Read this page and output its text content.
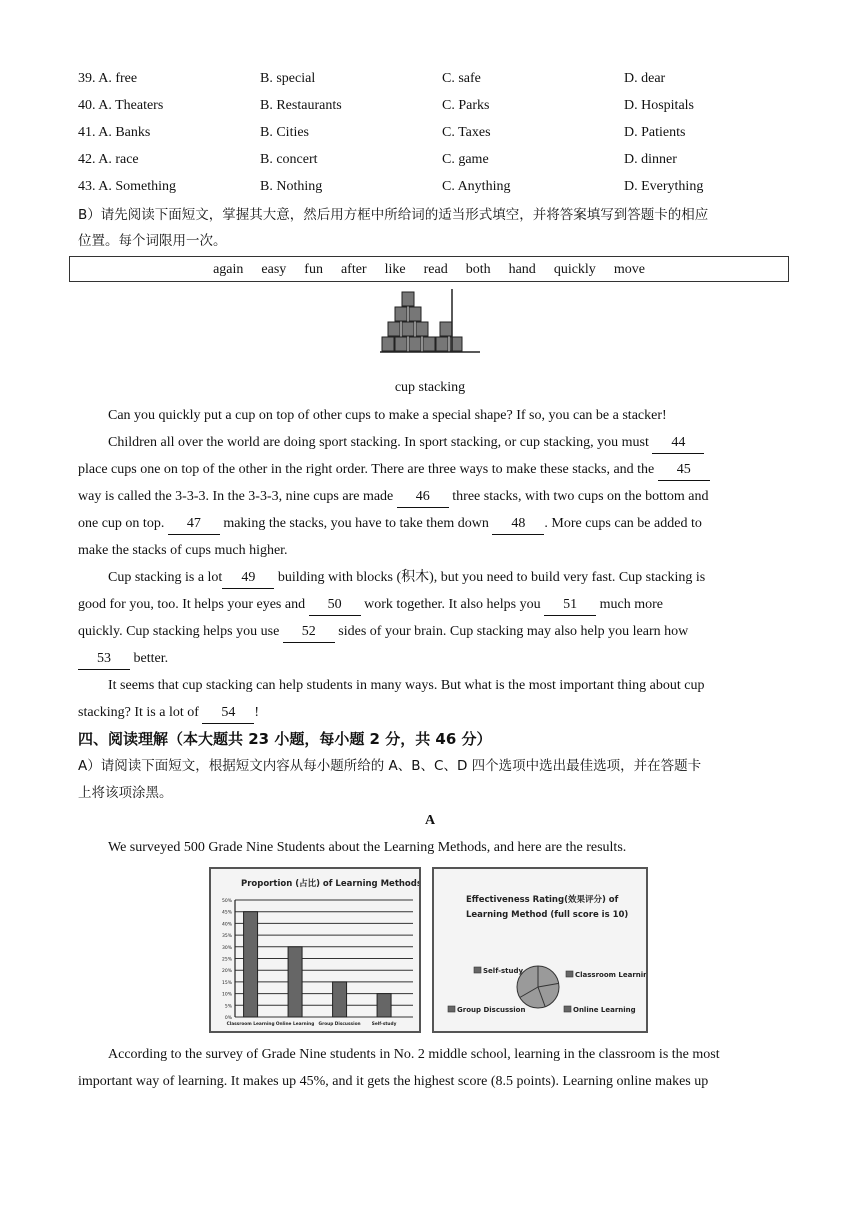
39. A. free	B. special	C. safe	D. dear
40. A. Theaters	B. Restaurants	C. Parks	D. Hospitals
41. A. Banks	B. Cities	C. Taxes	D. Patients
42. A. race	B. concert	C. game	D. dinner
43. A. Something	B. Nothing	C. Anything	D. Everything
B）请先阅读下面短文，掌握其大意，然后用方框中所给词的适当形式填空，并将答案填写到答题卡的相应
位置。每个词限用一次。
again easy fun after like read both hand quickly move
cup stacking
Can you quickly put a cup on top of other cups to make a special shape? If so, you can be a stacker!
Children all over the world are doing sport stacking. In sport stacking, or cup stacking, you must 44
place cups one on top of the other in the right order. There are three ways to make these stacks, and the 45
way is called the 3-3-3. In the 3-3-3, nine cups are made 46 three stacks, with two cups on the bottom and
one cup on top. 47 making the stacks, you have to take them down 48 . More cups can be added to
make the stacks of cups much higher.
Cup stacking is a lot 49 building with blocks (积木), but you need to build very fast. Cup stacking is
good for you, too. It helps your eyes and 50 work together. It also helps you 51 much more
quickly. Cup stacking helps you use 52 sides of your brain. Cup stacking may also help you learn how
53 better.
It seems that cup stacking can help students in many ways. But what is the most important thing about cup
stacking? It is a lot of 54 !
四、阅读理解（本大题共 23 小题，每小题 2 分，共 46 分）
A）请阅读下面短文，根据短文内容从每小题所给的 A、B、C、D 四个选项中选出最佳选项，并在答题卡
上将该项涂黑。
A
We surveyed 500 Grade Nine Students about the Learning Methods, and here are the results.
Proportion (占比) of Learning Methods
0%
5%
10%
15%
20%
25%
30%
35%
40%
45%
50%
Classroom Learning Online Learning Group Discussion	Self-study
Effectiveness Rating(效果评分) of
Learning Method (full score is 10)
Self-study	Classroom Learning
Group Discussion	Online Learning
According to the survey of Grade Nine students in No. 2 middle school, learning in the classroom is the most
important way of learning. It makes up 45%, and it gets the highest score (8.5 points). Learning online makes up
